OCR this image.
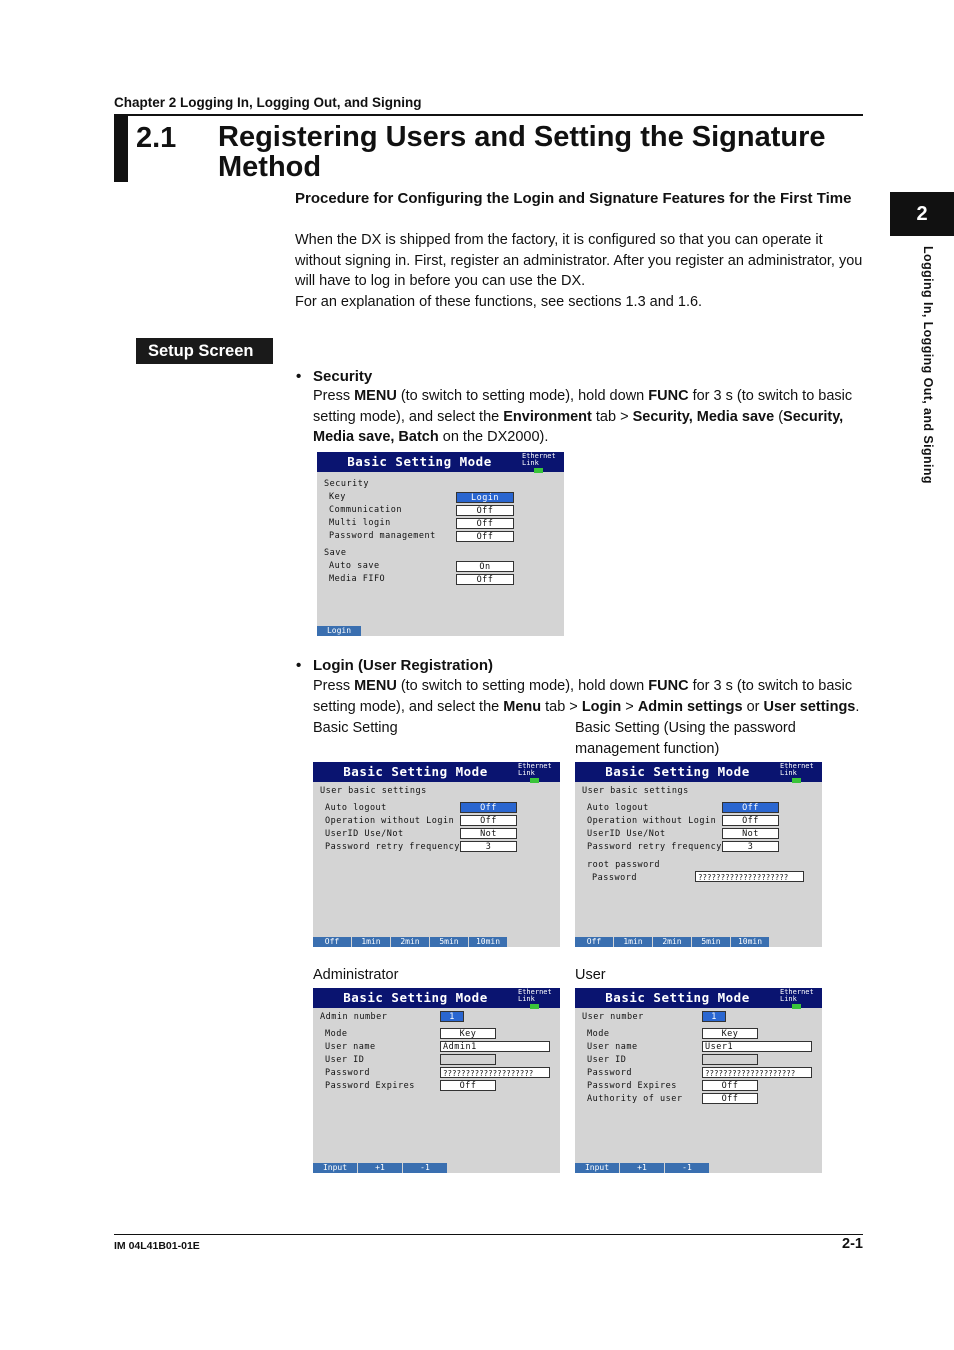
Chapter 2 Logging In, Logging Out, and Signing
2.1 Registering Users and Setting the Signature
Method
Procedure for Configuring the Login and Signature Features for the First Time
When the DX is shipped from the factory, it is configured so that you can operate it without signing in. First, register an administrator. After you register an administrator, you will have to log in before you can use the DX.
For an explanation of these functions, see sections 1.3 and 1.6.
Setup Screen
• Security
Press MENU (to switch to setting mode), hold down FUNC for 3 s (to switch to basic setting mode), and select the Environment tab > Security, Media save (Security, Media save, Batch on the DX2000).
Basic Setting Mode	Ethernet
Link
Security
Key	Login
Communication	Off
Multi login	Off
Password management	Off
Save
Auto save	On
Media FIFO	Off
Login
• Login (User Registration)
Press MENU (to switch to setting mode), hold down FUNC for 3 s (to switch to basic setting mode), and select the Menu tab > Login > Admin settings or User settings.
Basic Setting	Basic Setting (Using the password management function)
Basic Setting Mode	Ethernet
Link
User basic settings
Auto logout	Off
Operation without Login	Off
UserID Use/Not	Not
Password retry frequency	3
Off	1min	2min	5min	10min
Basic Setting Mode	Ethernet
Link
User basic settings
Auto logout	Off
Operation without Login	Off
UserID Use/Not	Not
Password retry frequency	3
root password
Password	????????????????????
Off	1min	2min	5min	10min
Administrator	User
Basic Setting Mode	Ethernet
Link
Admin number	1
Mode	Key
User name	Admin1
User ID
Password	????????????????????
Password Expires	Off
Input	+1	-1
Basic Setting Mode	Ethernet
Link
User number	1
Mode	Key
User name	User1
User ID
Password	????????????????????
Password Expires	Off
Authority of user	Off
Input	+1	-1
2
Logging In, Logging Out, and Signing
IM 04L41B01-01E	2-1
